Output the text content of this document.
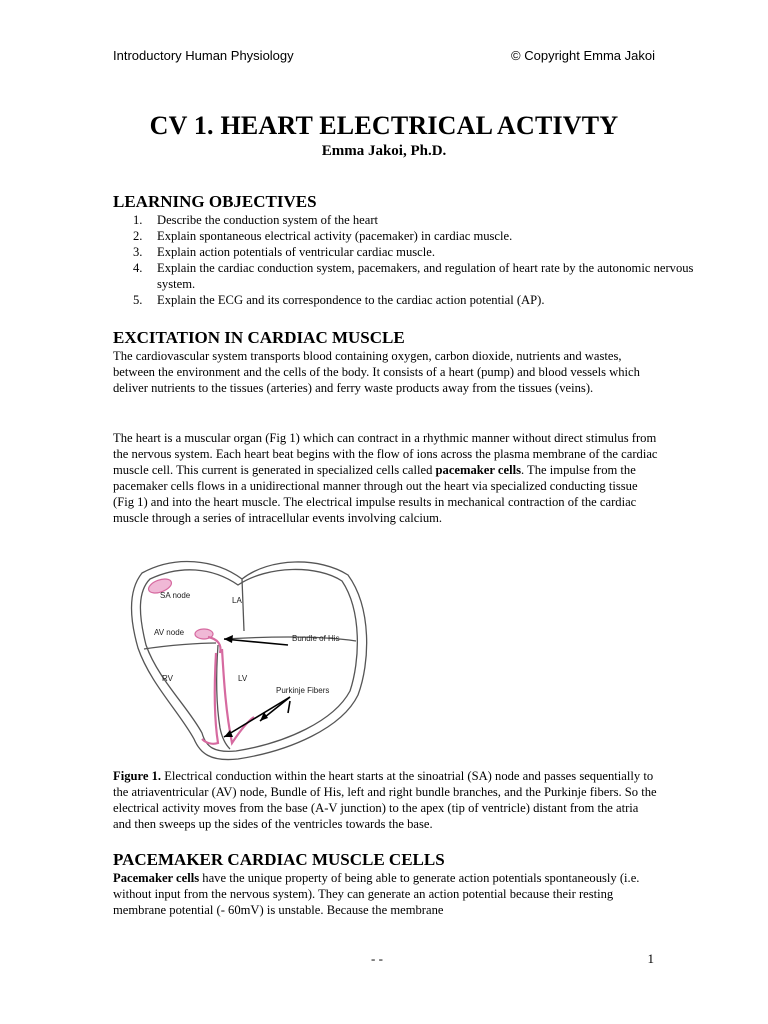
Introductory Human Physiology	© Copyright Emma Jakoi
CV 1. HEART ELECTRICAL ACTIVTY
Emma Jakoi, Ph.D.
LEARNING OBJECTIVES
Describe the conduction system of the heart
Explain spontaneous electrical activity (pacemaker) in cardiac muscle.
Explain action potentials of ventricular cardiac muscle.
Explain the cardiac conduction system, pacemakers, and regulation of heart rate by the autonomic nervous system.
Explain the ECG and its correspondence to the cardiac action potential (AP).
EXCITATION IN CARDIAC MUSCLE

The cardiovascular system transports blood containing oxygen, carbon dioxide, nutrients and wastes, between the environment and the cells of the body. It consists of a heart (pump) and blood vessels which deliver nutrients to the tissues (arteries) and ferry waste products away from the tissues (veins).

The heart is a muscular organ (Fig 1) which can contract in a rhythmic manner without direct stimulus from the nervous system. Each heart beat begins with the flow of ions across the plasma membrane of the cardiac muscle cell. This current is generated in specialized cells called pacemaker cells. The impulse from the pacemaker cells flows in a unidirectional manner through out the heart via specialized conducting tissue (Fig 1) and into the heart muscle. The electrical impulse results in mechanical contraction of the cardiac muscle through a series of intracellular events involving calcium.

SA node
LA
AV node
Bundle of His
RV	LV
Purkinje Fibers

Figure 1. Electrical conduction within the heart starts at the sinoatrial (SA) node and passes sequentially to the atriaventricular (AV) node, Bundle of His, left and right bundle branches, and the Purkinje fibers. So the electrical activity moves from the base (A-V junction) to the apex (tip of ventricle) distant from the atria and then sweeps up the sides of the ventricles towards the base.

PACEMAKER CARDIAC MUSCLE CELLS

Pacemaker cells have the unique property of being able to generate action potentials spontaneously (i.e. without input from the nervous system). They can generate an action potential because their resting membrane potential (- 60mV) is unstable. Because the membrane

- -	1
